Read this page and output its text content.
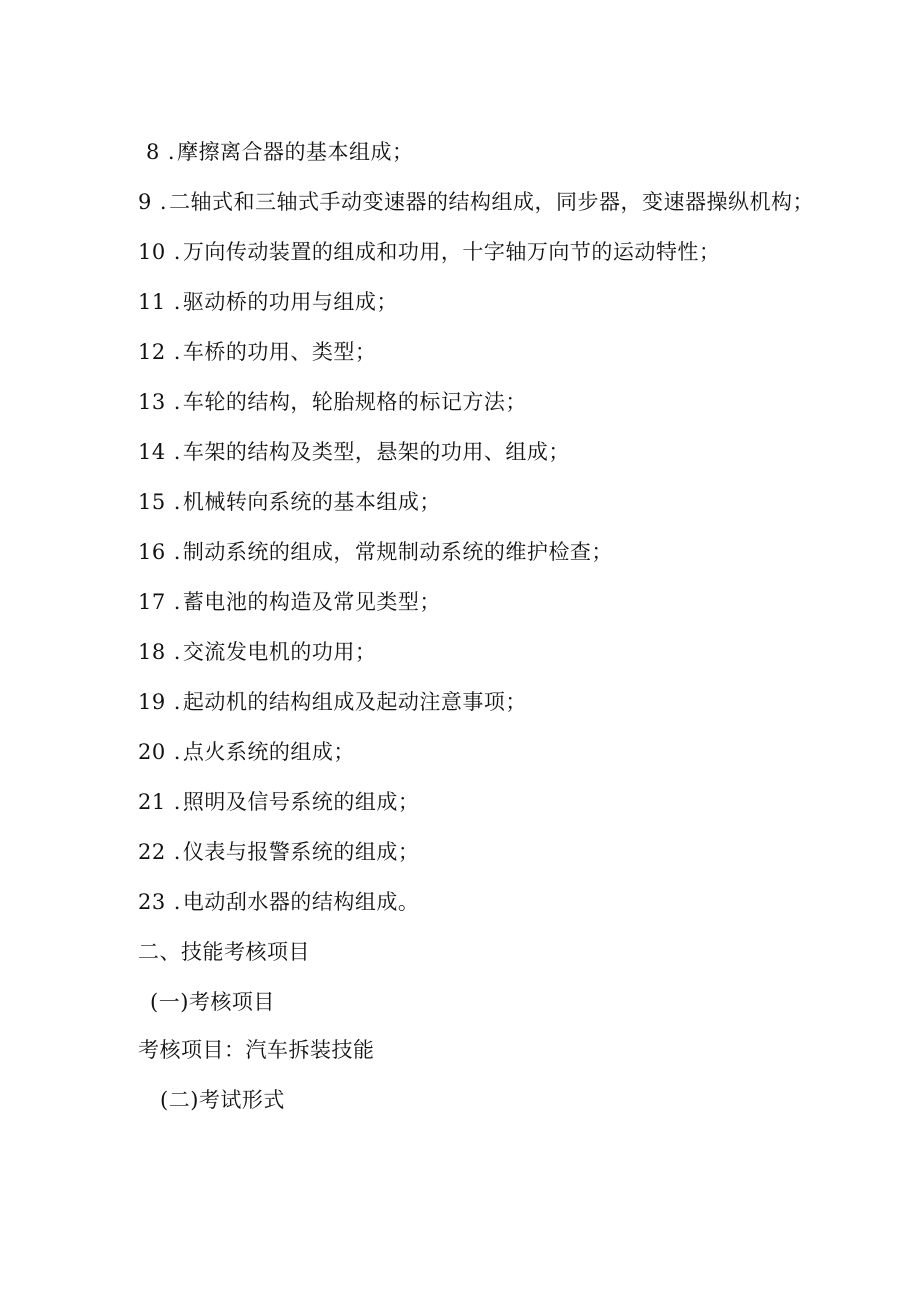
8 .摩擦离合器的基本组成；
9 .二轴式和三轴式手动变速器的结构组成，同步器，变速器操纵机构；
10 .万向传动装置的组成和功用，十字轴万向节的运动特性；
11 .驱动桥的功用与组成；
12 .车桥的功用、类型；
13 .车轮的结构，轮胎规格的标记方法；
14 .车架的结构及类型，悬架的功用、组成；
15 .机械转向系统的基本组成；
16 .制动系统的组成，常规制动系统的维护检查；
17 .蓄电池的构造及常见类型；
18 .交流发电机的功用；
19 .起动机的结构组成及起动注意事项；
20 .点火系统的组成；
21 .照明及信号系统的组成；
22 .仪表与报警系统的组成；
23 .电动刮水器的结构组成。
二、技能考核项目
(一)考核项目
考核项目：汽车拆装技能
(二)考试形式
